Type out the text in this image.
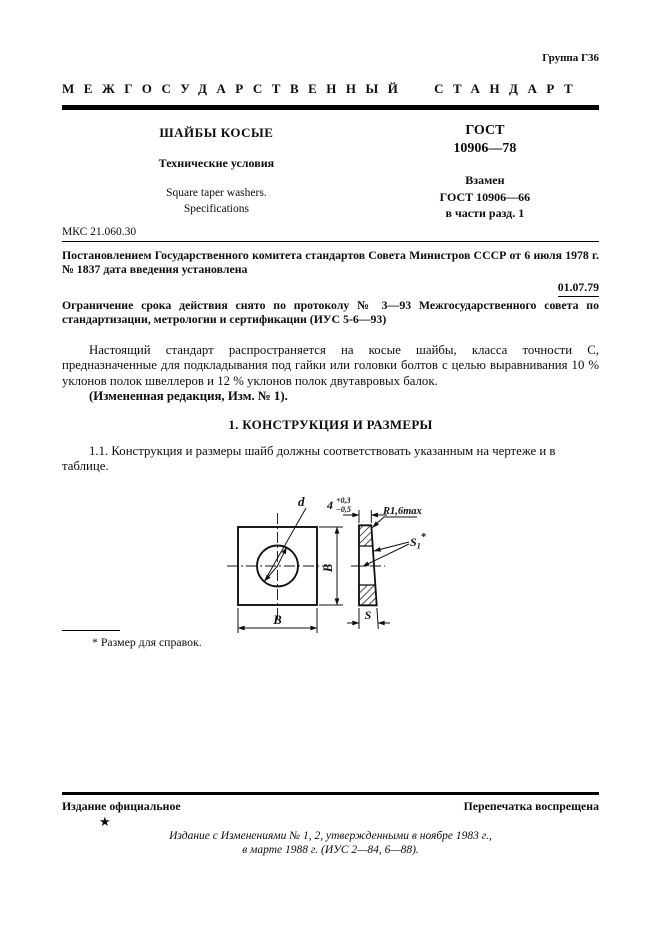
Группа Г36
МЕЖГОСУДАРСТВЕННЫЙ СТАНДАРТ
ШАЙБЫ КОСЫЕ
Технические условия
Square taper washers.
Specifications
ГОСТ
10906—78
Взамен
ГОСТ 10906—66
в части разд. 1
МКС 21.060.30

Постановлением Государственного комитета стандартов Совета Министров СССР от 6 июля 1978 г. № 1837 дата введения установлена

01.07.79

Ограничение срока действия снято по протоколу № 3—93 Межгосударственного совета по стандартизации, метрологии и сертификации (ИУС 5-6—93)

Настоящий стандарт распространяется на косые шайбы, класса точности С, предназначенные для подкладывания под гайки или головки болтов с целью выравнивания 10 % уклонов полок швеллеров и 12 % уклонов полок двутавровых балок.

(Измененная редакция, Изм. № 1).

1. КОНСТРУКЦИЯ И РАЗМЕРЫ

1.1. Конструкция и размеры шайб должны соответствовать указанным на чертеже и в таблице.

d
B
B
4 +0,3
−0,5	R1,6max
$S_1^*$
S
* Размер для справок.
Издание официальное	Перепечатка воспрещена
★
Издание с Изменениями № 1, 2, утвержденными в ноябре 1983 г.,
в марте 1988 г. (ИУС 2—84, 6—88).
